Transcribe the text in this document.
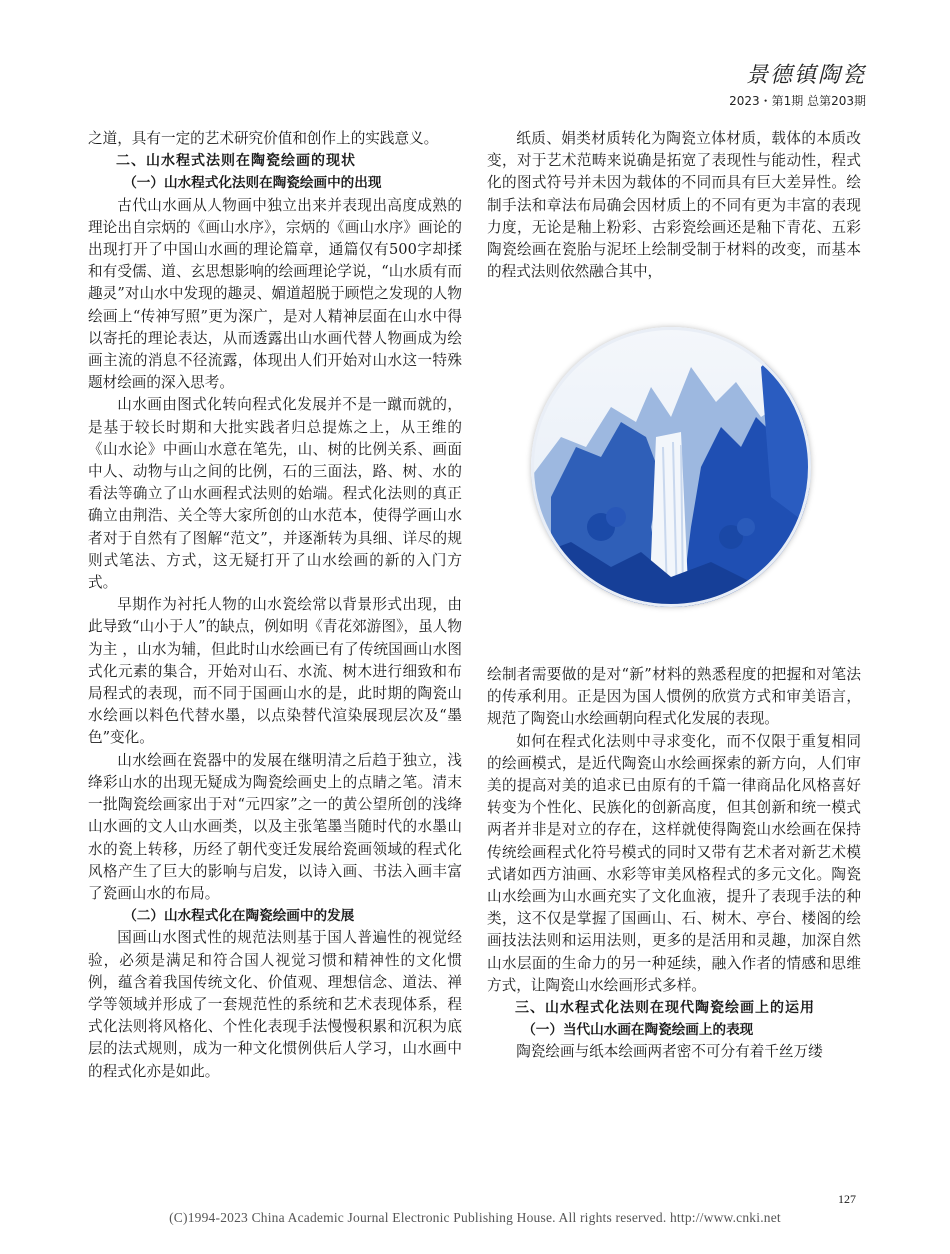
景德镇陶瓷
2023・第1期 总第203期

之道，具有一定的艺术研究价值和创作上的实践意义。

二、山水程式法则在陶瓷绘画的现状

（一）山水程式化法则在陶瓷绘画中的出现

古代山水画从人物画中独立出来并表现出高度成熟的理论出自宗炳的《画山水序》，宗炳的《画山水序》画论的出现打开了中国山水画的理论篇章，通篇仅有500字却揉和有受儒、道、玄思想影响的绘画理论学说，“山水质有而趣灵”对山水中发现的趣灵、媚道超脱于顾恺之发现的人物绘画上“传神写照”更为深广，是对人精神层面在山水中得以寄托的理论表达，从而透露出山水画代替人物画成为绘画主流的消息不径流露，体现出人们开始对山水这一特殊题材绘画的深入思考。

山水画由图式化转向程式化发展并不是一蹴而就的，是基于较长时期和大批实践者归总提炼之上，从王维的《山水论》中画山水意在笔先，山、树的比例关系、画面中人、动物与山之间的比例，石的三面法，路、树、水的看法等确立了山水画程式法则的始端。程式化法则的真正确立由荆浩、关仝等大家所创的山水范本，使得学画山水者对于自然有了图解“范文”，并逐渐转为具细、详尽的规则式笔法、方式，这无疑打开了山水绘画的新的入门方式。

早期作为衬托人物的山水瓷绘常以背景形式出现，由此导致“山小于人”的缺点，例如明《青花郊游图》，虽人物为主 ，山水为辅，但此时山水绘画已有了传统国画山水图式化元素的集合，开始对山石、水流、树木进行细致和布局程式的表现，而不同于国画山水的是，此时期的陶瓷山水绘画以料色代替水墨，以点染替代渲染展现层次及“墨色”变化。

山水绘画在瓷器中的发展在继明清之后趋于独立，浅绛彩山水的出现无疑成为陶瓷绘画史上的点睛之笔。清末一批陶瓷绘画家出于对“元四家”之一的黄公望所创的浅绛山水画的文人山水画类，以及主张笔墨当随时代的水墨山水的瓷上转移，历经了朝代变迁发展给瓷画领域的程式化风格产生了巨大的影响与启发，以诗入画、书法入画丰富了瓷画山水的布局。

（二）山水程式化在陶瓷绘画中的发展

国画山水图式性的规范法则基于国人普遍性的视觉经验，必须是满足和符合国人视觉习惯和精神性的文化惯例，蕴含着我国传统文化、价值观、理想信念、道法、禅学等领域并形成了一套规范性的系统和艺术表现体系，程式化法则将风格化、个性化表现手法慢慢积累和沉积为底层的法式规则，成为一种文化惯例供后人学习，山水画中的程式化亦是如此。

纸质、娟类材质转化为陶瓷立体材质，载体的本质改变，对于艺术范畴来说确是拓宽了表现性与能动性，程式化的图式符号并未因为载体的不同而具有巨大差异性。绘制手法和章法布局确会因材质上的不同有更为丰富的表现力度，无论是釉上粉彩、古彩瓷绘画还是釉下青花、五彩陶瓷绘画在瓷胎与泥坯上绘制受制于材料的改变，而基本的程式法则依然融合其中，

绘制者需要做的是对“新”材料的熟悉程度的把握和对笔法的传承利用。正是因为国人惯例的欣赏方式和审美语言，规范了陶瓷山水绘画朝向程式化发展的表现。

如何在程式化法则中寻求变化，而不仅限于重复相同的绘画模式，是近代陶瓷山水绘画探索的新方向，人们审美的提高对美的追求已由原有的千篇一律商品化风格喜好转变为个性化、民族化的创新高度，但其创新和统一模式两者并非是对立的存在，这样就使得陶瓷山水绘画在保持传统绘画程式化符号模式的同时又带有艺术者对新艺术模式诸如西方油画、水彩等审美风格程式的多元文化。陶瓷山水绘画为山水画充实了文化血液，提升了表现手法的种类，这不仅是掌握了国画山、石、树木、亭台、楼阁的绘画技法法则和运用法则，更多的是活用和灵趣，加深自然山水层面的生命力的另一种延续，融入作者的情感和思维方式，让陶瓷山水绘画形式多样。

三、山水程式化法则在现代陶瓷绘画上的运用

（一）当代山水画在陶瓷绘画上的表现

陶瓷绘画与纸本绘画两者密不可分有着千丝万缕

127
(C)1994-2023 China Academic Journal Electronic Publishing House. All rights reserved. http://www.cnki.net
